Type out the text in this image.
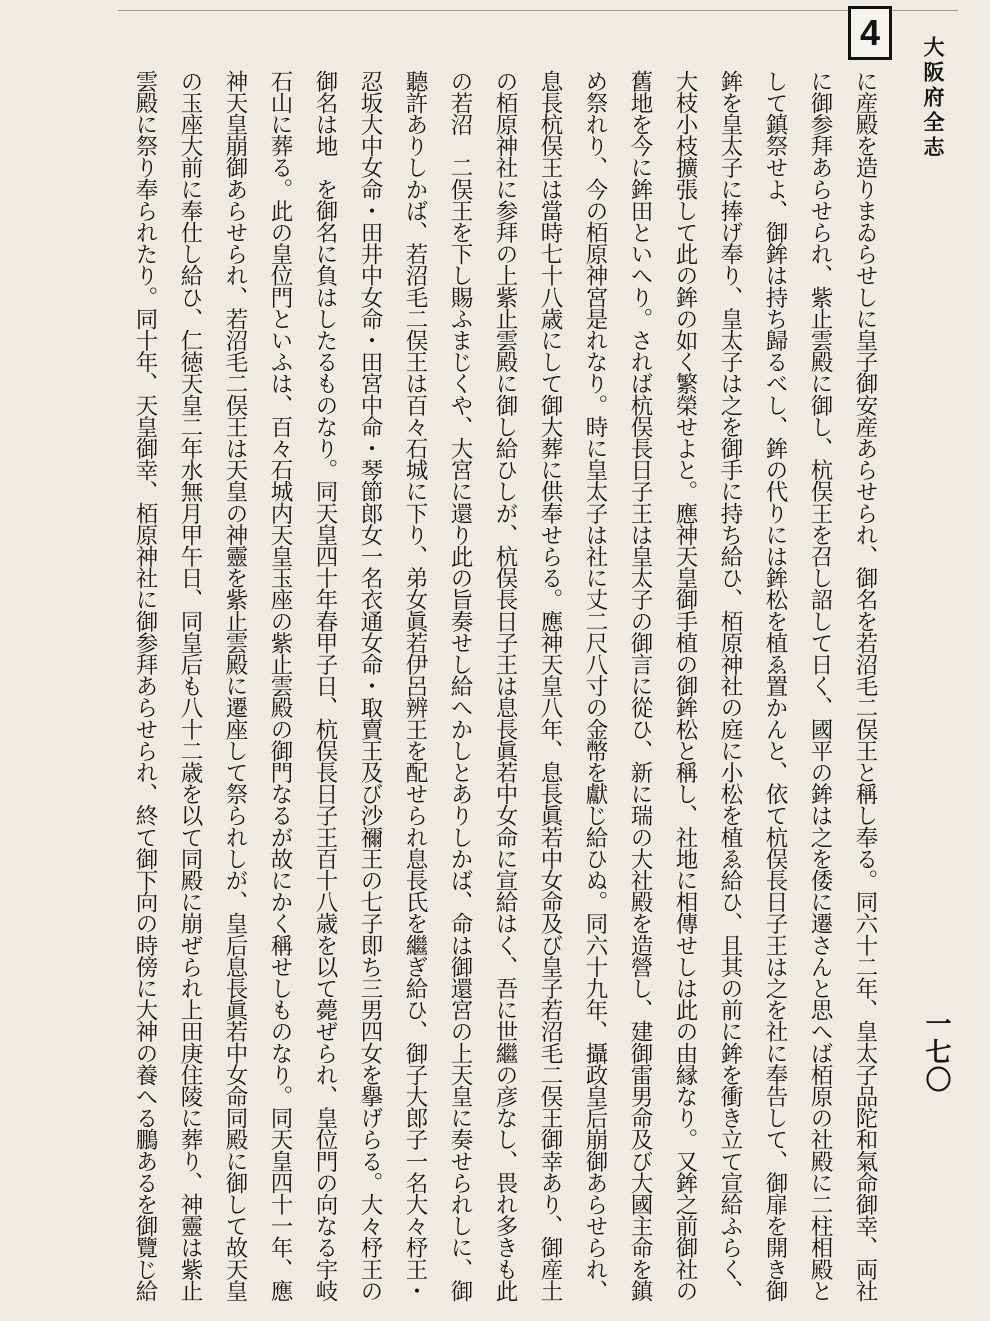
4
大阪府全志
一七〇
に産殿を造りまゐらせしに皇子御安産あらせられ、御名を若沼毛二俣王と稱し奉る。同六十二年、皇太子品陀和氣命御幸、両社
に御参拜あらせられ、紫止雲殿に御し、杭俣王を召し詔して日く、國平の鉾は之を倭に遷さんと思へば栢原の社殿に二柱相殿と
して鎮祭せよ、御鉾は持ち歸るべし、鉾の代りには鉾松を植ゑ置かんと、依て杭俣長日子王は之を社に奉告して、御扉を開き御
鉾を皇太子に捧げ奉り、皇太子は之を御手に持ち給ひ、栢原神社の庭に小松を植ゑ給ひ、且其の前に鉾を衝き立て宣給ふらく、
大枝小枝擴張して此の鉾の如く繁榮せよと。應神天皇御手植の御鉾松と稱し、社地に相傳せしは此の由縁なり。又鉾之前御社の
舊地を今に鉾田といへり。されば杭俣長日子王は皇太子の御言に從ひ、新に瑞の大社殿を造營し、建御雷男命及び大國主命を鎮
め祭れり、今の栢原神宮是れなり。時に皇太子は社に丈二尺八寸の金幣を獻じ給ひぬ。同六十九年、攝政皇后崩御あらせられ、
息長杭俣王は當時七十八歳にして御大葬に供奉せらる。應神天皇八年、息長眞若中女命及び皇子若沼毛二俣王御幸あり、御産土
の栢原神社に参拜の上紫止雲殿に御し給ひしが、杭俣長日子王は息長眞若中女命に宣給はく、吾に世繼の彦なし、畏れ多きも此
の若沼　二俣王を下し賜ふまじくや、大宮に還り此の旨奏せし給へかしとありしかば、命は御還宮の上天皇に奏せられしに、御
聽許ありしかば、若沼毛二俣王は百々石城に下り、弟女眞若伊呂辨王を配せられ息長氏を繼ぎ給ひ、御子大郎子一名大々杼王・
忍坂大中女命・田井中女命・田宮中命・琴節郎女一名衣通女命・取賣王及び沙禰王の七子即ち三男四女を擧げらる。大々杼王の
御名は地　を御名に負はしたるものなり。同天皇四十年春甲子日、杭俣長日子王百十八歳を以て薨ぜられ、皇位門の向なる宇岐
石山に葬る。此の皇位門といふは、百々石城内天皇玉座の紫止雲殿の御門なるが故にかく稱せしものなり。同天皇四十一年、應
神天皇崩御あらせられ、若沼毛二俣王は天皇の神靈を紫止雲殿に遷座して祭られしが、皇后息長眞若中女命同殿に御して故天皇
の玉座大前に奉仕し給ひ、仁徳天皇二年水無月甲午日、同皇后も八十二歳を以て同殿に崩ぜられ上田庚住陵に葬り、神靈は紫止
雲殿に祭り奉られたり。同十年、天皇御幸、栢原神社に御参拜あらせられ、終て御下向の時傍に大神の養へる鵬あるを御覽じ給
